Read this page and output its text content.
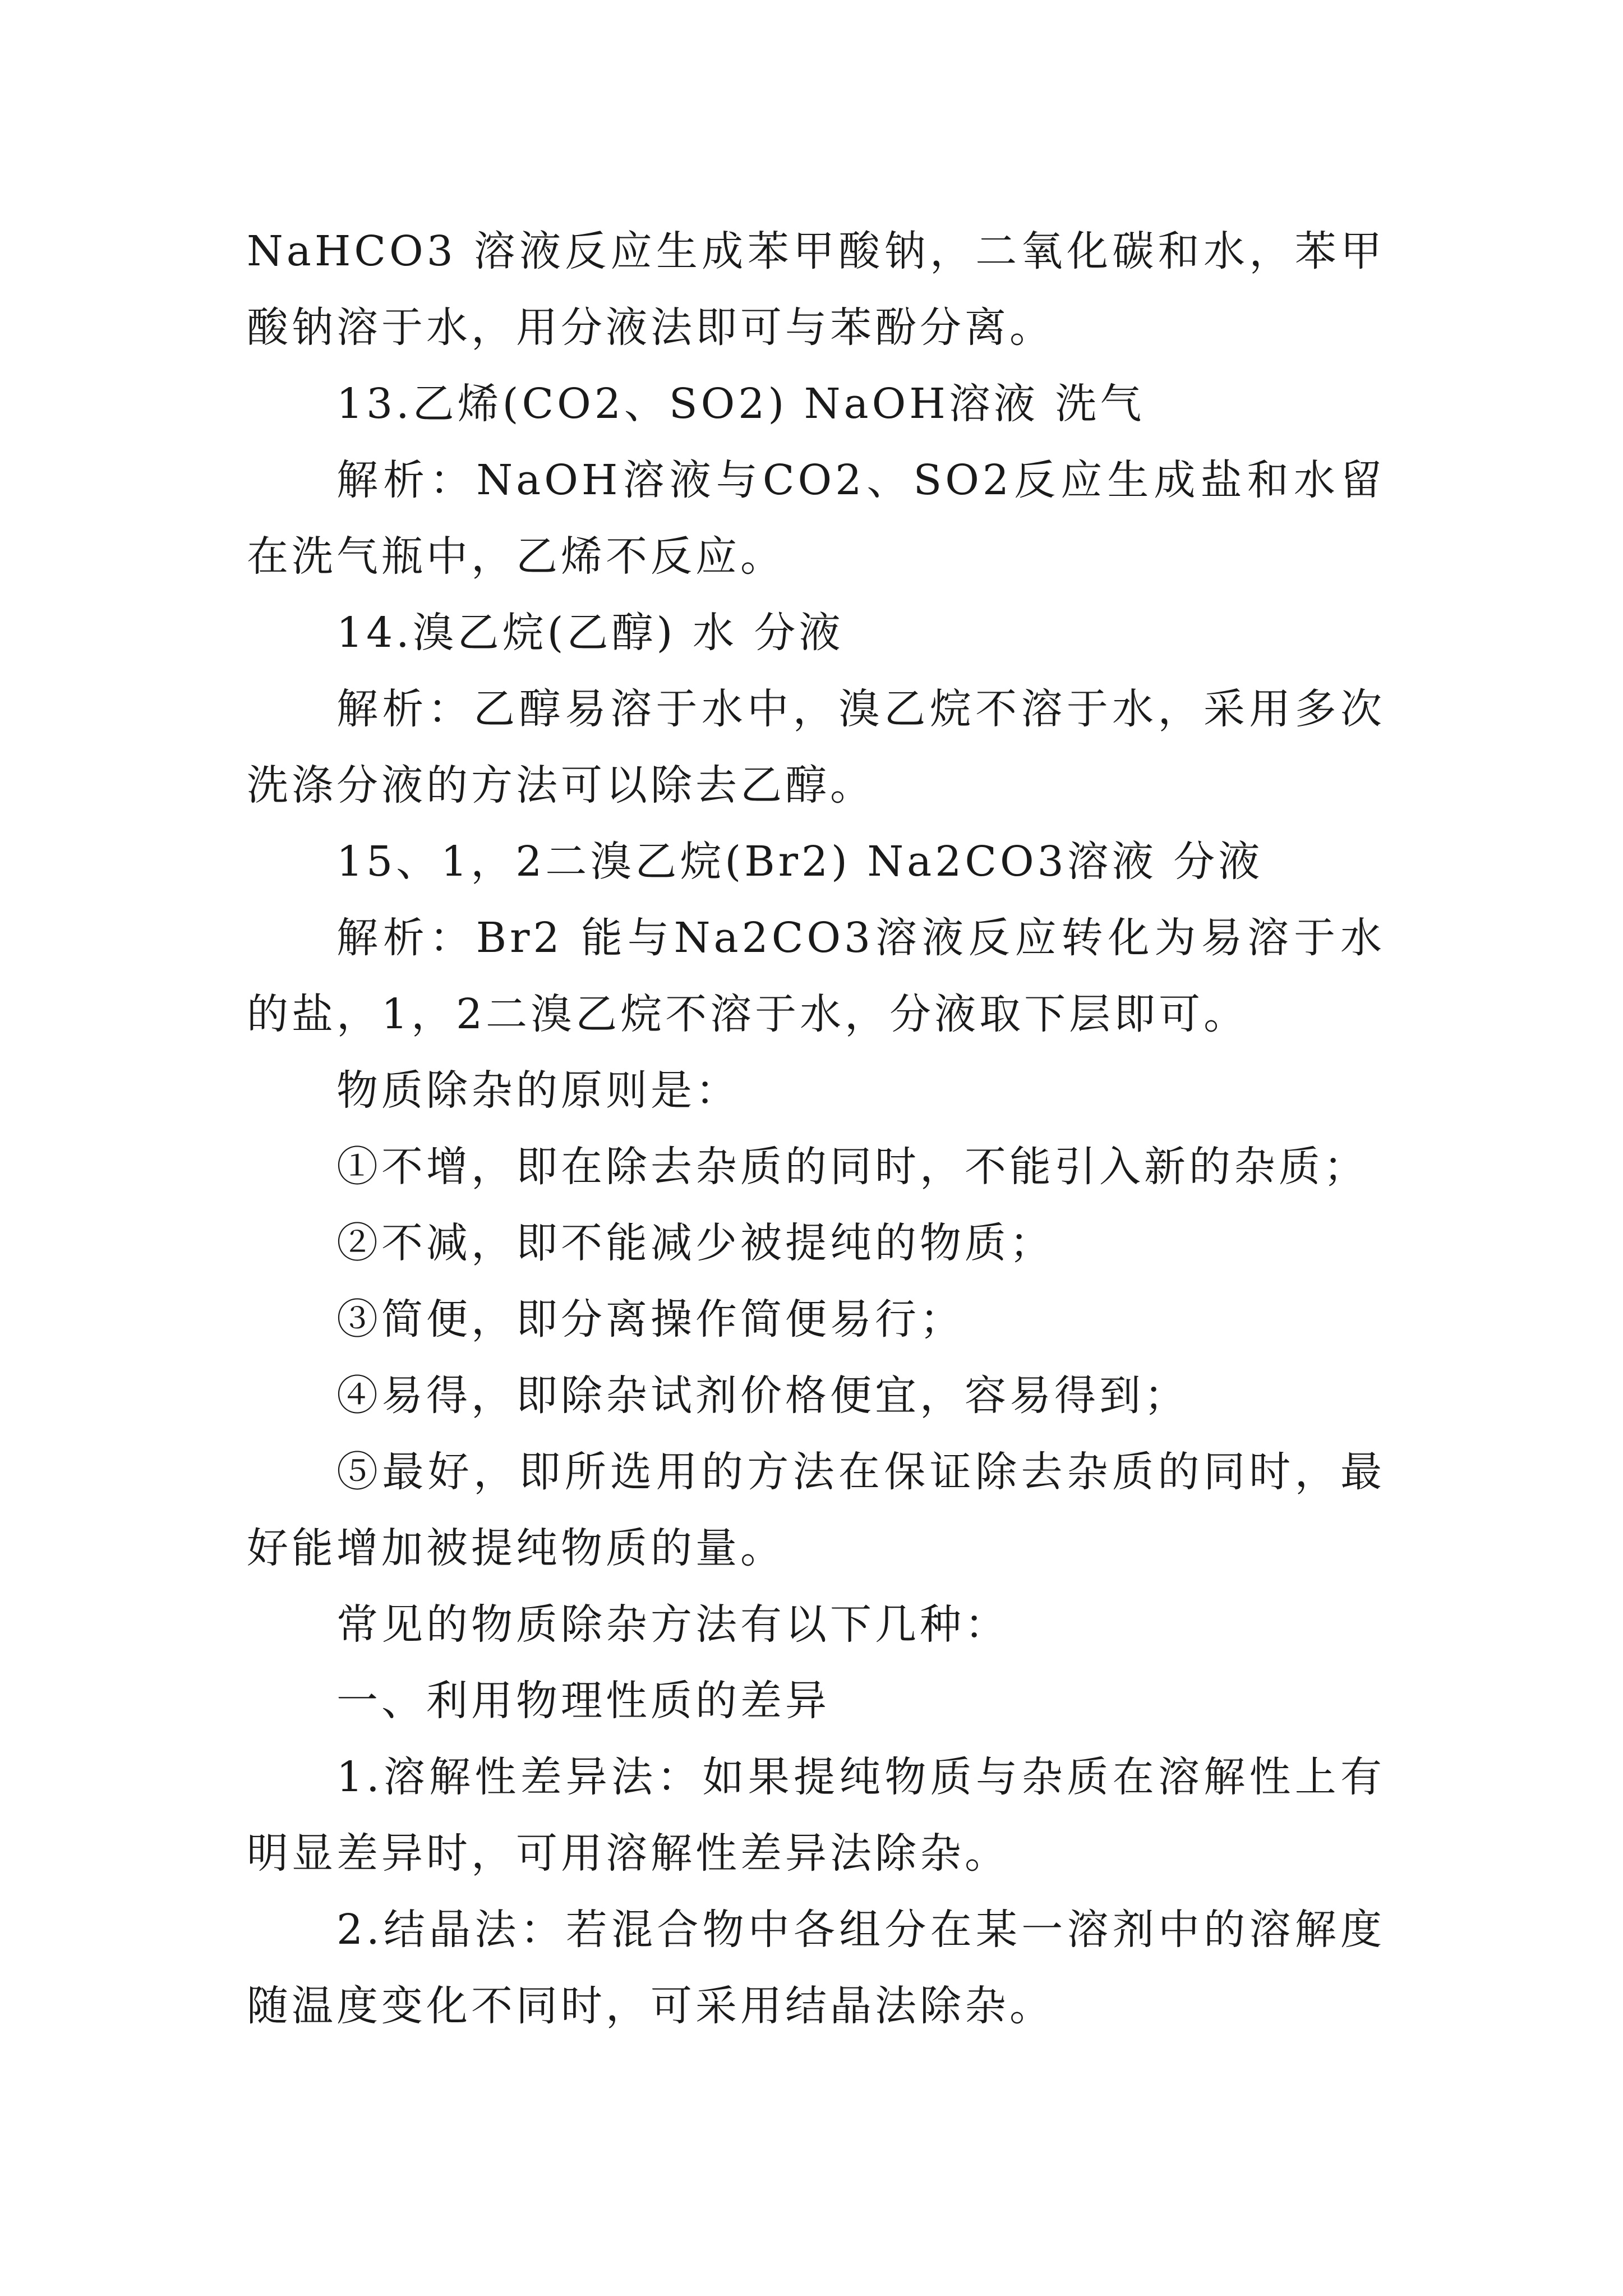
NaHCO3 溶液反应生成苯甲酸钠，二氧化碳和水，苯甲酸钠溶于水，用分液法即可与苯酚分离。

13.乙烯(CO2、SO2) NaOH溶液 洗气

解析：NaOH溶液与CO2、SO2反应生成盐和水留在洗气瓶中，乙烯不反应。

14.溴乙烷(乙醇) 水 分液

解析：乙醇易溶于水中，溴乙烷不溶于水，采用多次洗涤分液的方法可以除去乙醇。

15、1，2二溴乙烷(Br2) Na2CO3溶液 分液

解析：Br2 能与Na2CO3溶液反应转化为易溶于水的盐，1，2二溴乙烷不溶于水，分液取下层即可。

物质除杂的原则是：

①不增，即在除去杂质的同时，不能引入新的杂质；

②不减，即不能减少被提纯的物质；

③简便，即分离操作简便易行；

④易得，即除杂试剂价格便宜，容易得到；

⑤最好，即所选用的方法在保证除去杂质的同时，最好能增加被提纯物质的量。

常见的物质除杂方法有以下几种：

一、利用物理性质的差异

1.溶解性差异法：如果提纯物质与杂质在溶解性上有明显差异时，可用溶解性差异法除杂。

2.结晶法：若混合物中各组分在某一溶剂中的溶解度随温度变化不同时，可采用结晶法除杂。
